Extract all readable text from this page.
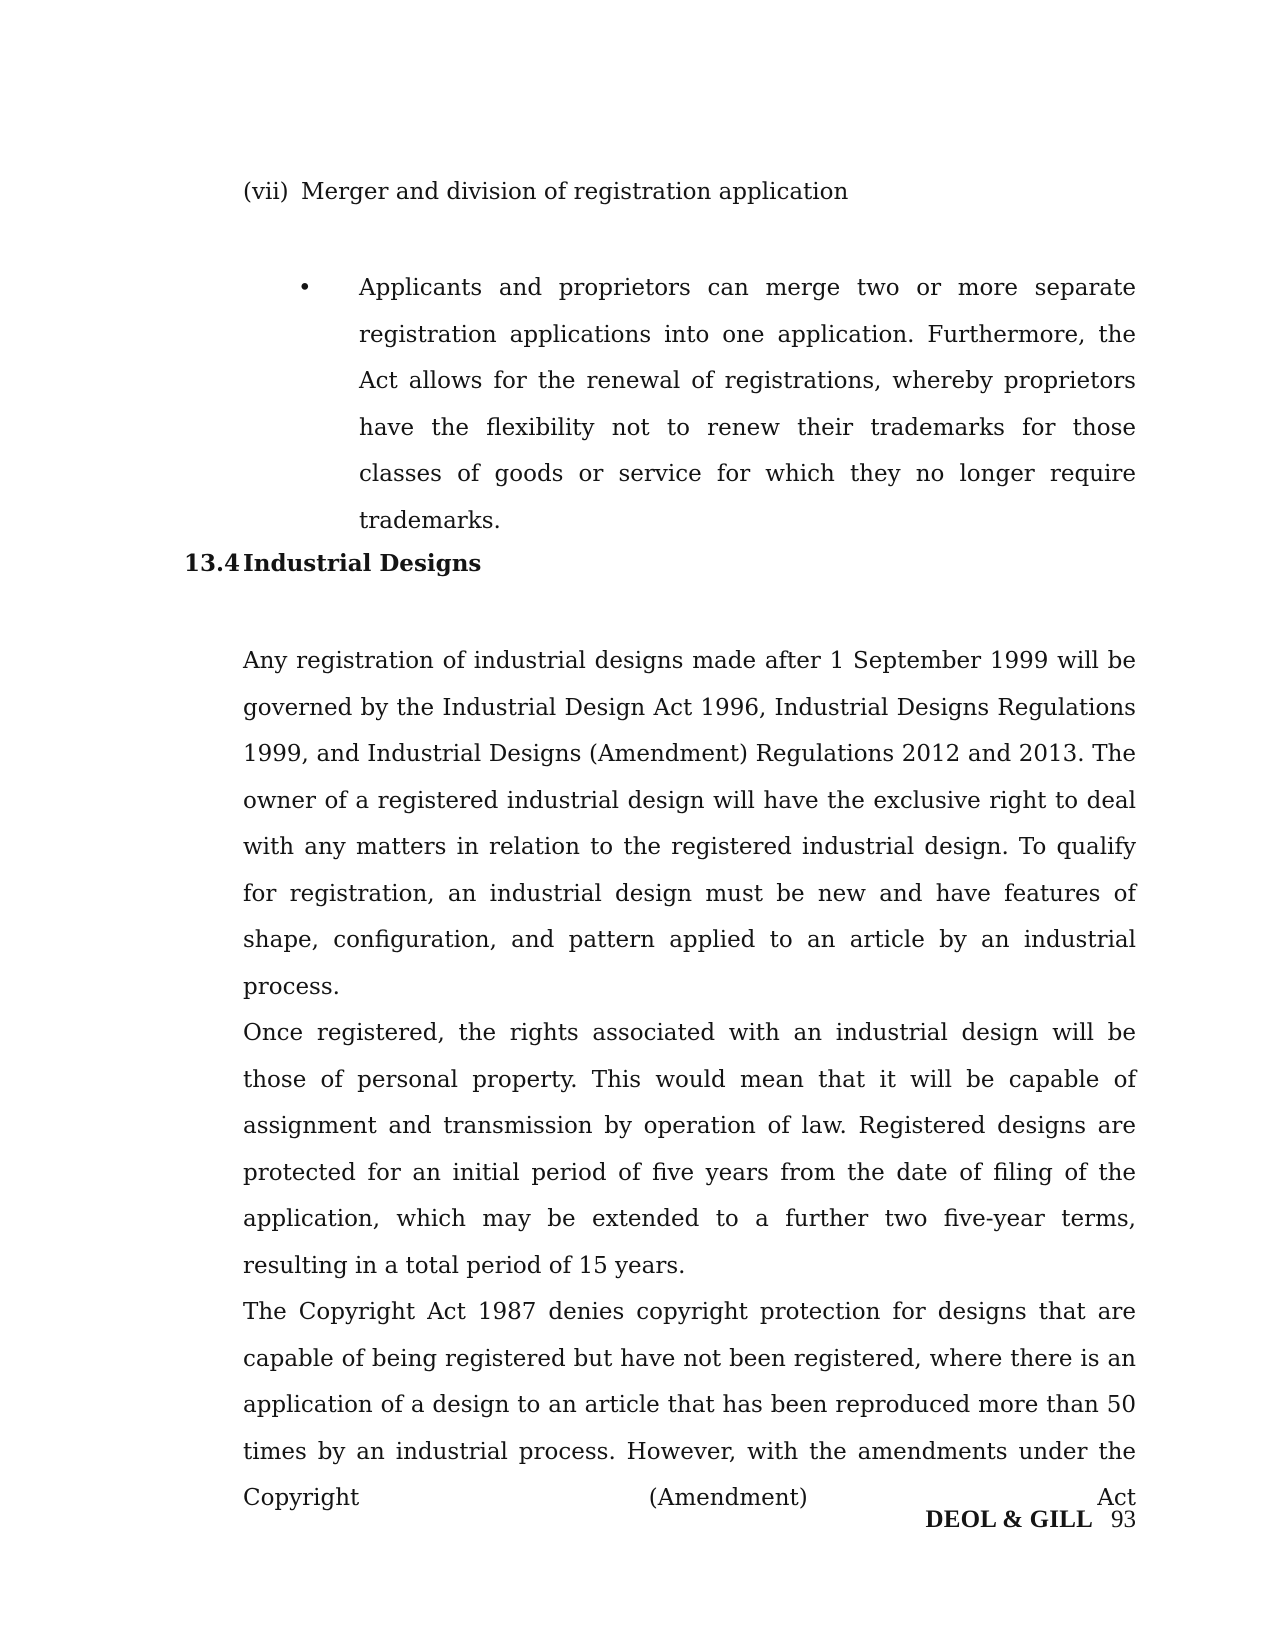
(vii) Merger and division of registration application
• Applicants and proprietors can merge two or more separate registration applications into one application. Furthermore, the Act allows for the renewal of registrations, whereby proprietors have the flexibility not to renew their trademarks for those classes of goods or service for which they no longer require trademarks.
13.4 Industrial Designs

Any registration of industrial designs made after 1 September 1999 will be governed by the Industrial Design Act 1996, Industrial Designs Regulations 1999, and Industrial Designs (Amendment) Regulations 2012 and 2013. The owner of a registered industrial design will have the exclusive right to deal with any matters in relation to the registered industrial design. To qualify for registration, an industrial design must be new and have features of shape, configuration, and pattern applied to an article by an industrial process.

Once registered, the rights associated with an industrial design will be those of personal property. This would mean that it will be capable of assignment and transmission by operation of law. Registered designs are protected for an initial period of five years from the date of filing of the application, which may be extended to a further two five-year terms, resulting in a total period of 15 years.

The Copyright Act 1987 denies copyright protection for designs that are capable of being registered but have not been registered, where there is an application of a design to an article that has been reproduced more than 50 times by an industrial process. However, with the amendments under the Copyright (Amendment) Act

DEOL & GILL 93
